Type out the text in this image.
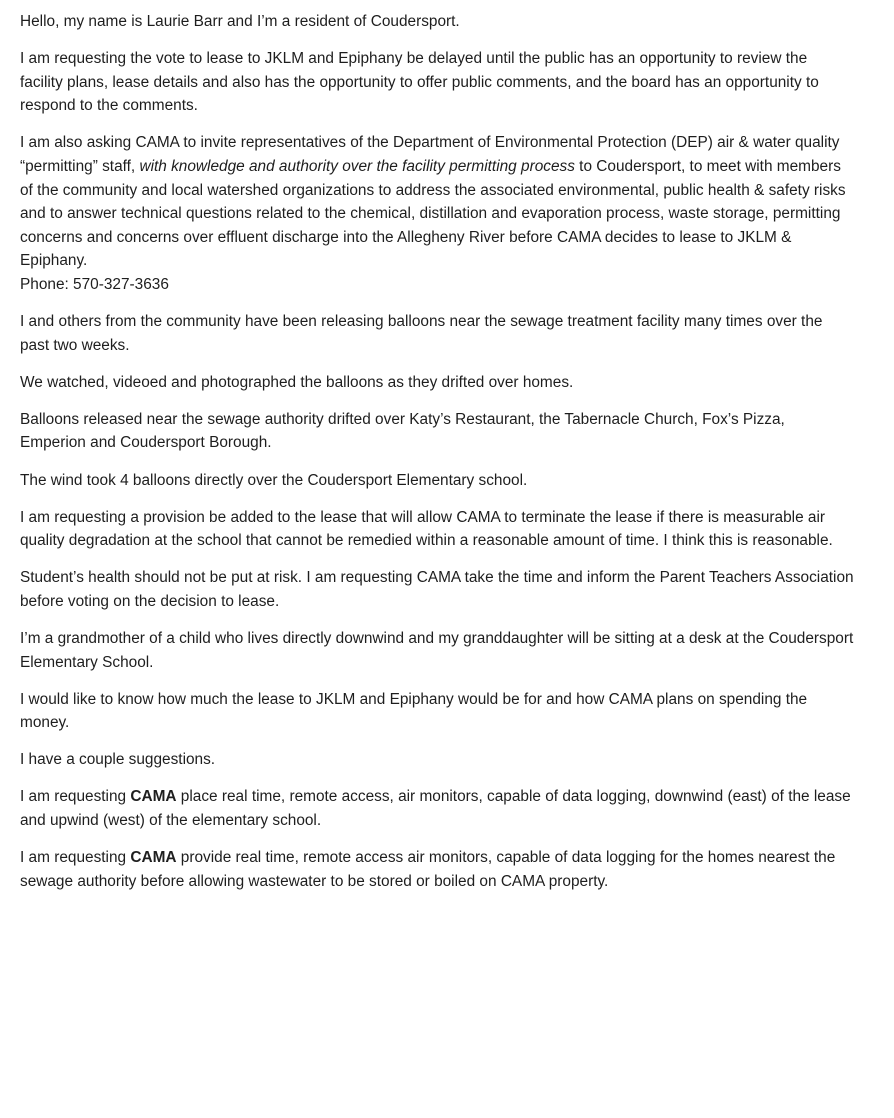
Hello, my name is Laurie Barr and I’m a resident of Coudersport.

I am requesting the vote to lease to JKLM and Epiphany be delayed until the public has an opportunity to review the facility plans, lease details and also has the opportunity to offer public comments, and the board has an opportunity to respond to the comments.

I am also asking CAMA to invite representatives of the Department of Environmental Protection (DEP) air & water quality “permitting” staff, with knowledge and authority over the facility permitting process to Coudersport, to meet with members of the community and local watershed organizations to address the associated environmental, public health & safety risks and to answer technical questions related to the chemical, distillation and evaporation process, waste storage, permitting concerns and concerns over effluent discharge into the Allegheny River before CAMA decides to lease to JKLM & Epiphany.
Phone: 570-327-3636

I and others from the community have been releasing balloons near the sewage treatment facility many times over the past two weeks.

We watched, videoed and photographed the balloons as they drifted over homes.

Balloons released near the sewage authority drifted over Katy’s Restaurant, the Tabernacle Church, Fox’s Pizza, Emperion and Coudersport Borough.

The wind took 4 balloons directly over the Coudersport Elementary school.

I am requesting a provision be added to the lease that will allow CAMA to terminate the lease if there is measurable air quality degradation at the school that cannot be remedied within a reasonable amount of time. I think this is reasonable.

Student’s health should not be put at risk. I am requesting CAMA take the time and inform the Parent Teachers Association before voting on the decision to lease.

I’m a grandmother of a child who lives directly downwind and my granddaughter will be sitting at a desk at the Coudersport Elementary School.

I would like to know how much the lease to JKLM and Epiphany would be for and how CAMA plans on spending the money.

I have a couple suggestions.

I am requesting CAMA place real time, remote access, air monitors, capable of data logging, downwind (east) of the lease and upwind (west) of the elementary school.

I am requesting CAMA provide real time, remote access air monitors, capable of data logging for the homes nearest the sewage authority before allowing wastewater to be stored or boiled on CAMA property.
